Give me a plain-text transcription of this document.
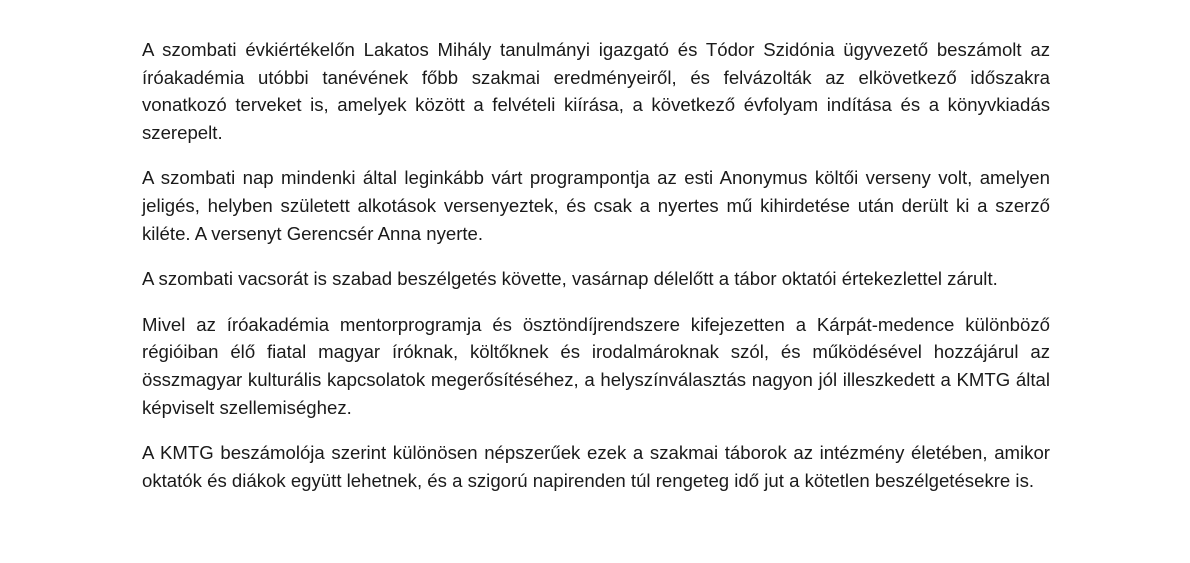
A szombati évkiértékelőn Lakatos Mihály tanulmányi igazgató és Tódor Szidónia ügyvezető beszámolt az íróakadémia utóbbi tanévének főbb szakmai eredményeiről, és felvázolták az elkövetkező időszakra vonatkozó terveket is, amelyek között a felvételi kiírása, a következő évfolyam indítása és a könyvkiadás szerepelt.

A szombati nap mindenki által leginkább várt programpontja az esti Anonymus költői verseny volt, amelyen jeligés, helyben született alkotások versenyeztek, és csak a nyertes mű kihirdetése után derült ki a szerző kiléte. A versenyt Gerencsér Anna nyerte.

A szombati vacsorát is szabad beszélgetés követte, vasárnap délelőtt a tábor oktatói értekezlettel zárult.

Mivel az íróakadémia mentorprogramja és ösztöndíjrendszere kifejezetten a Kárpát-medence különböző régióiban élő fiatal magyar íróknak, költőknek és irodalmároknak szól, és működésével hozzájárul az összmagyar kulturális kapcsolatok megerősítéséhez, a helyszínválasztás nagyon jól illeszkedett a KMTG által képviselt szellemiséghez.

A KMTG beszámolója szerint különösen népszerűek ezek a szakmai táborok az intézmény életében, amikor oktatók és diákok együtt lehetnek, és a szigorú napirenden túl rengeteg idő jut a kötetlen beszélgetésekre is.
